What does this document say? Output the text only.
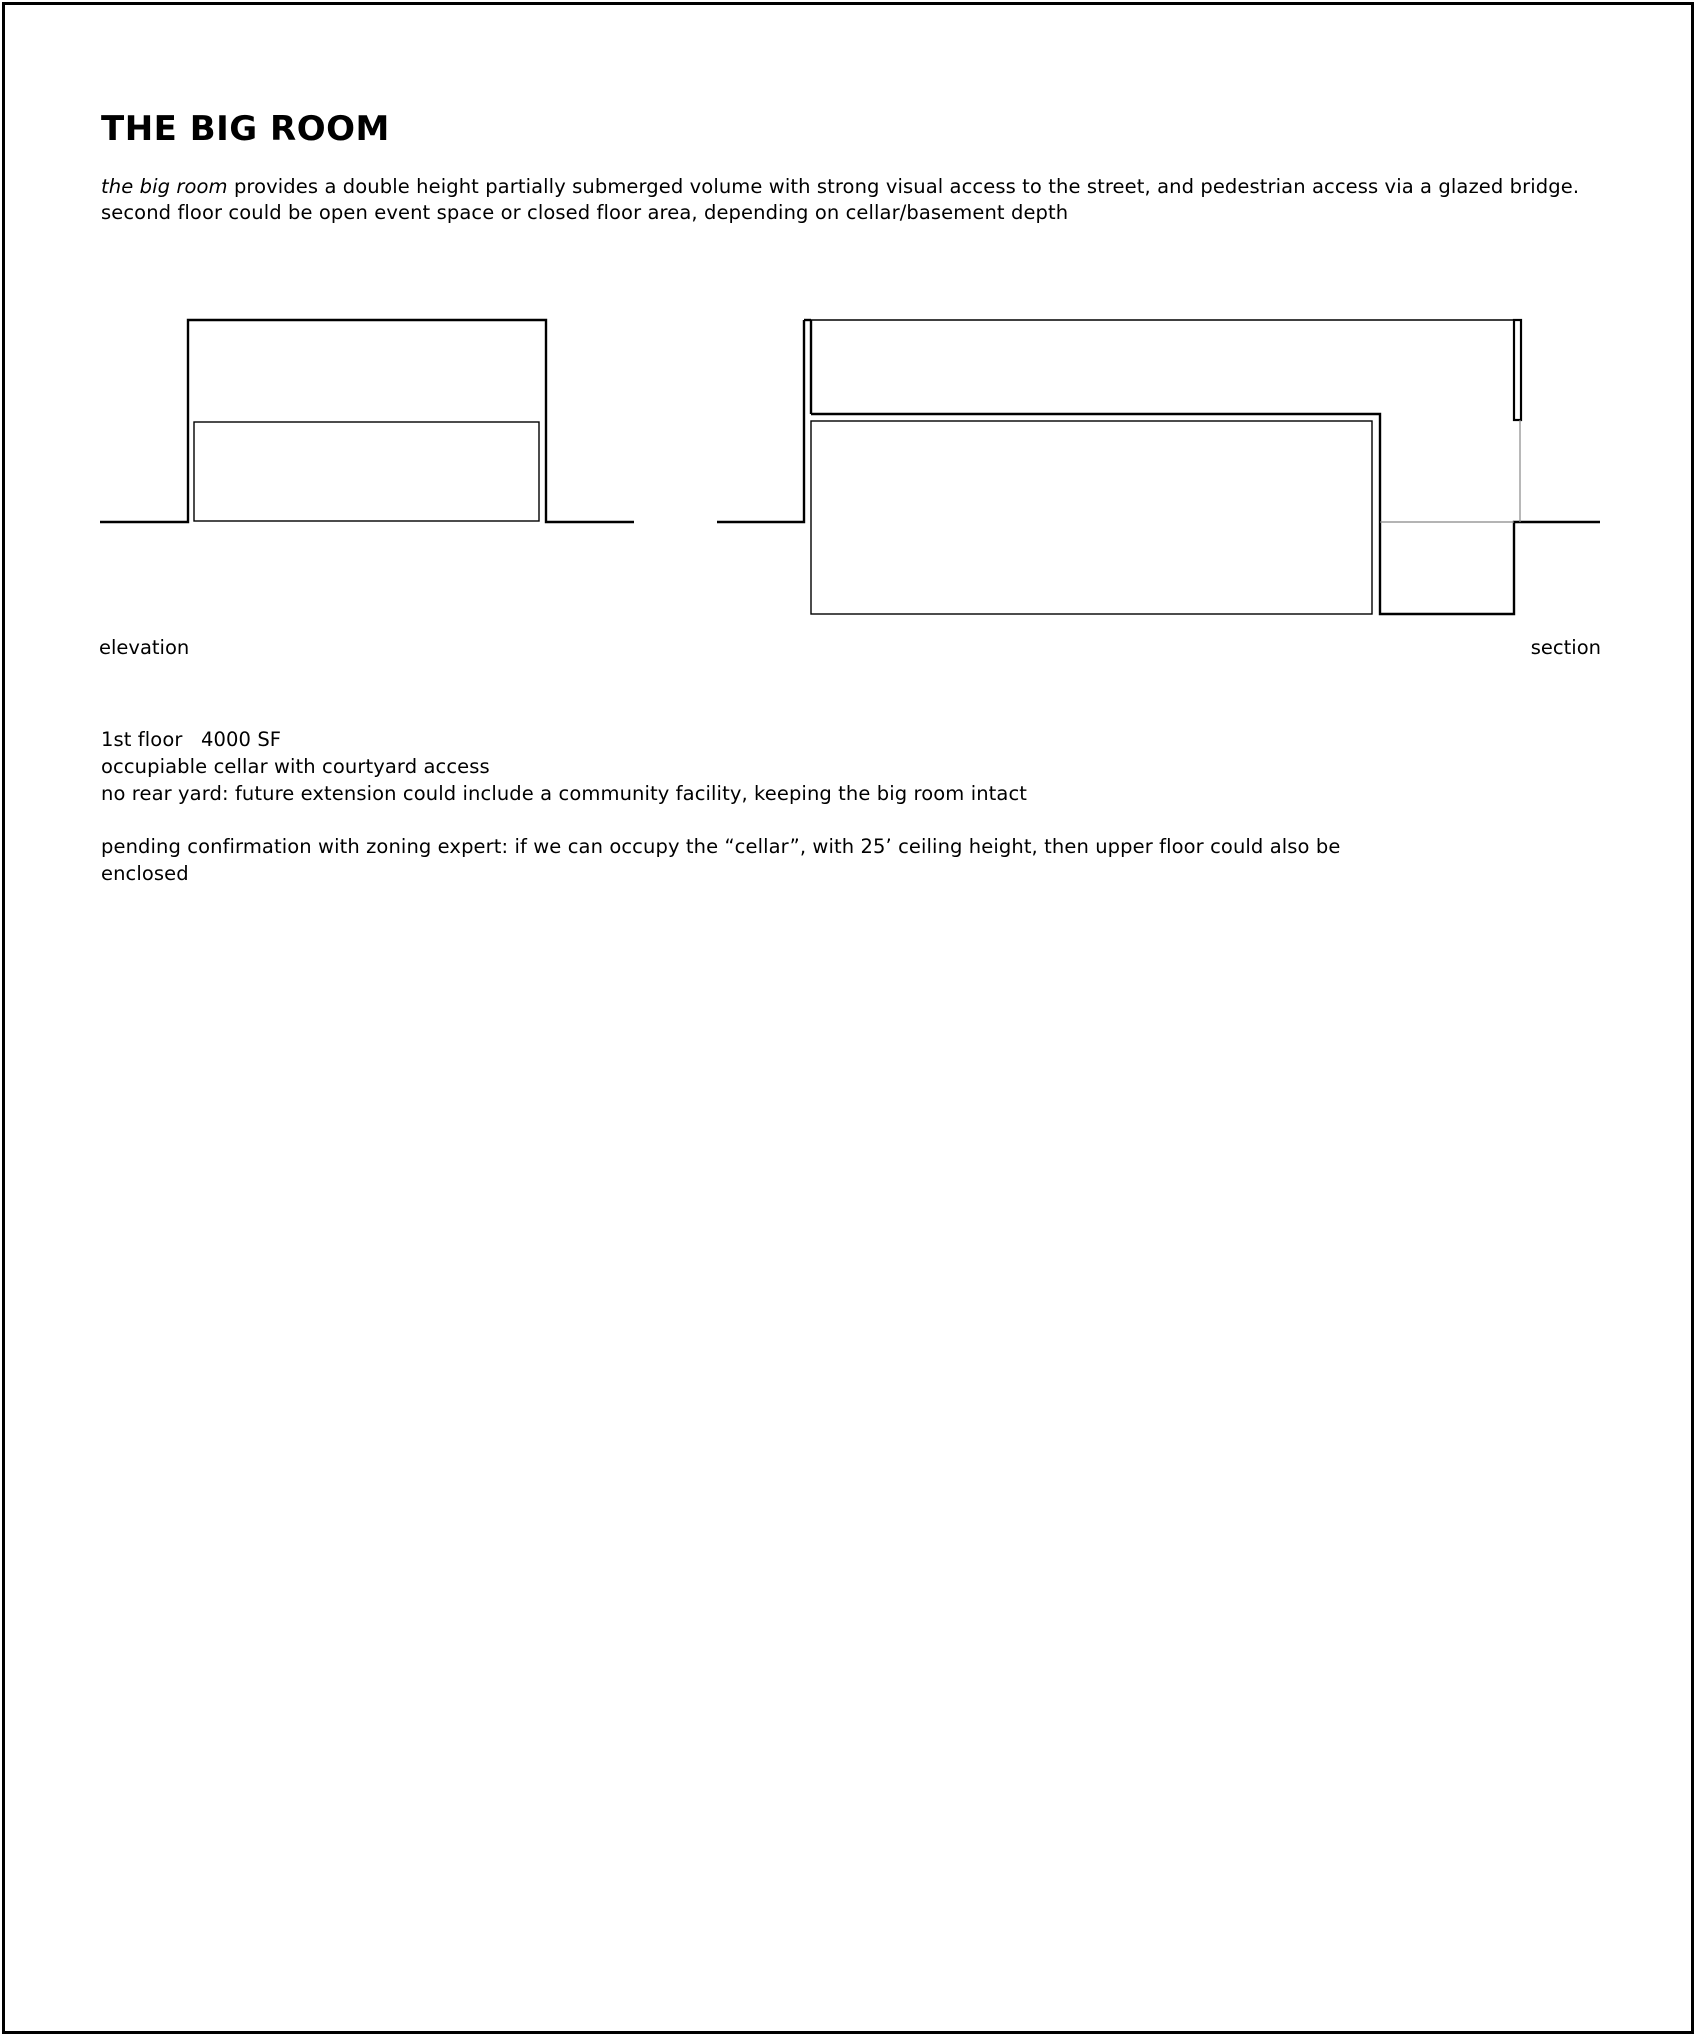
THE BIG ROOM
the big room provides a double height partially submerged volume with strong visual access to the street, and pedestrian access via a glazed bridge.
second floor could be open event space or closed floor area, depending on cellar/basement depth
elevation	section
1st floor 4000 SF
occupiable cellar with courtyard access
no rear yard: future extension could include a community facility, keeping the big room intact
pending confirmation with zoning expert: if we can occupy the “cellar”, with 25’ ceiling height, then upper floor could also be
enclosed
